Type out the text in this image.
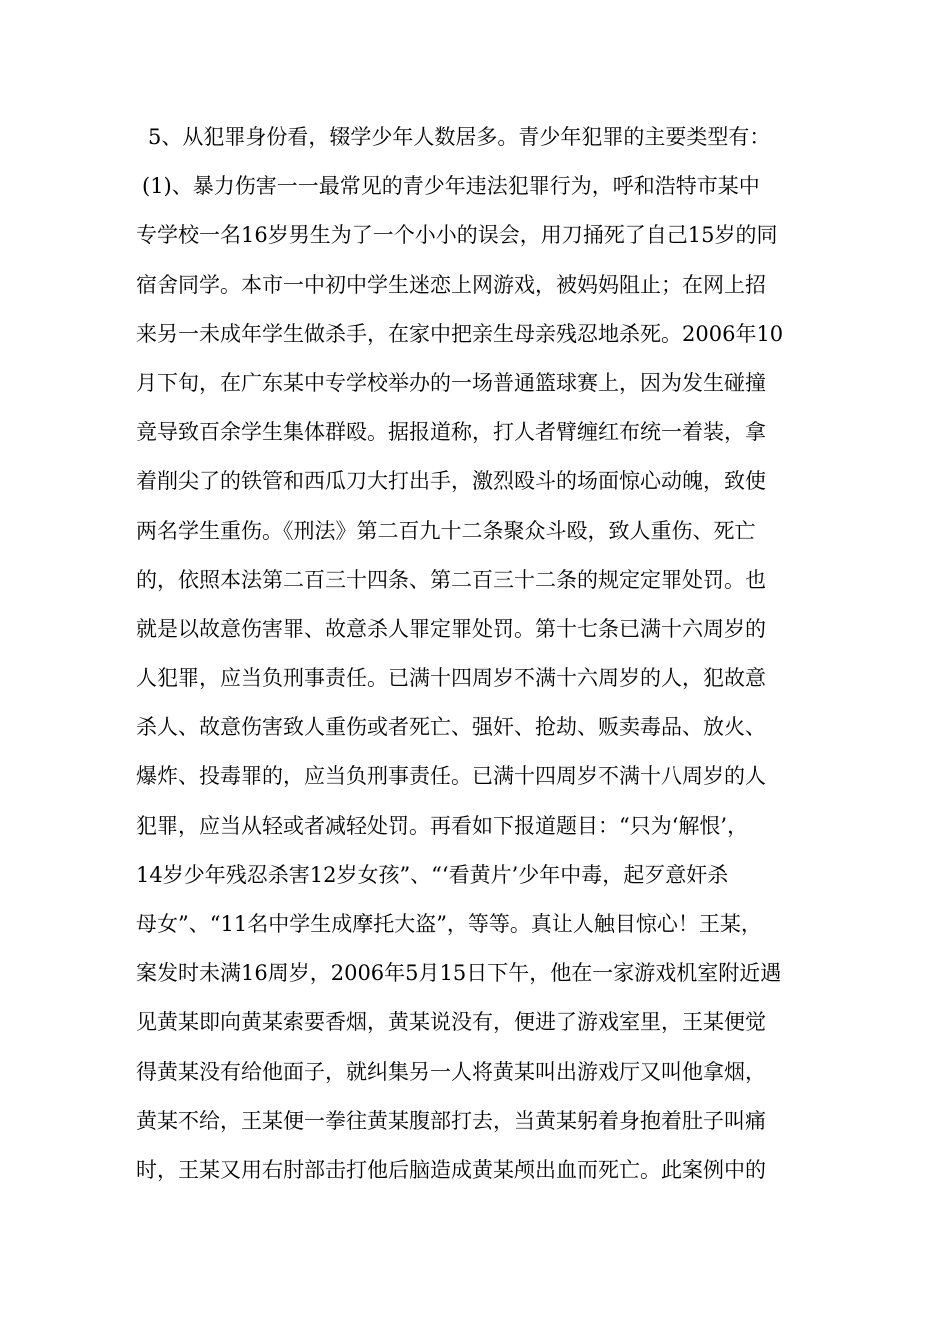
5、从犯罪身份看，辍学少年人数居多。青少年犯罪的主要类型有：
(1)、暴力伤害一一最常见的青少年违法犯罪行为，呼和浩特市某中
专学校一名16岁男生为了一个小小的误会，用刀捅死了自己15岁的同
宿舍同学。本市一中初中学生迷恋上网游戏，被妈妈阻止；在网上招
来另一未成年学生做杀手，在家中把亲生母亲残忍地杀死。2006年10
月下旬，在广东某中专学校举办的一场普通篮球赛上，因为发生碰撞
竟导致百余学生集体群殴。据报道称，打人者臂缠红布统一着装，拿
着削尖了的铁管和西瓜刀大打出手，激烈殴斗的场面惊心动魄，致使
两名学生重伤。《刑法》第二百九十二条聚众斗殴，致人重伤、死亡
的，依照本法第二百三十四条、第二百三十二条的规定定罪处罚。也
就是以故意伤害罪、故意杀人罪定罪处罚。第十七条已满十六周岁的
人犯罪，应当负刑事责任。已满十四周岁不满十六周岁的人，犯故意
杀人、故意伤害致人重伤或者死亡、强奸、抢劫、贩卖毒品、放火、
爆炸、投毒罪的，应当负刑事责任。已满十四周岁不满十八周岁的人
犯罪，应当从轻或者减轻处罚。再看如下报道题目：“只为‘解恨’，
14岁少年残忍杀害12岁女孩”、“‘看黄片’少年中毒，起歹意奸杀
母女”、“11名中学生成摩托大盗”，等等。真让人触目惊心！王某，
案发时未满16周岁，2006年5月15日下午，他在一家游戏机室附近遇
见黄某即向黄某索要香烟，黄某说没有，便进了游戏室里，王某便觉
得黄某没有给他面子，就纠集另一人将黄某叫出游戏厅又叫他拿烟，
黄某不给，王某便一拳往黄某腹部打去，当黄某躬着身抱着肚子叫痛
时，王某又用右肘部击打他后脑造成黄某颅出血而死亡。此案例中的
